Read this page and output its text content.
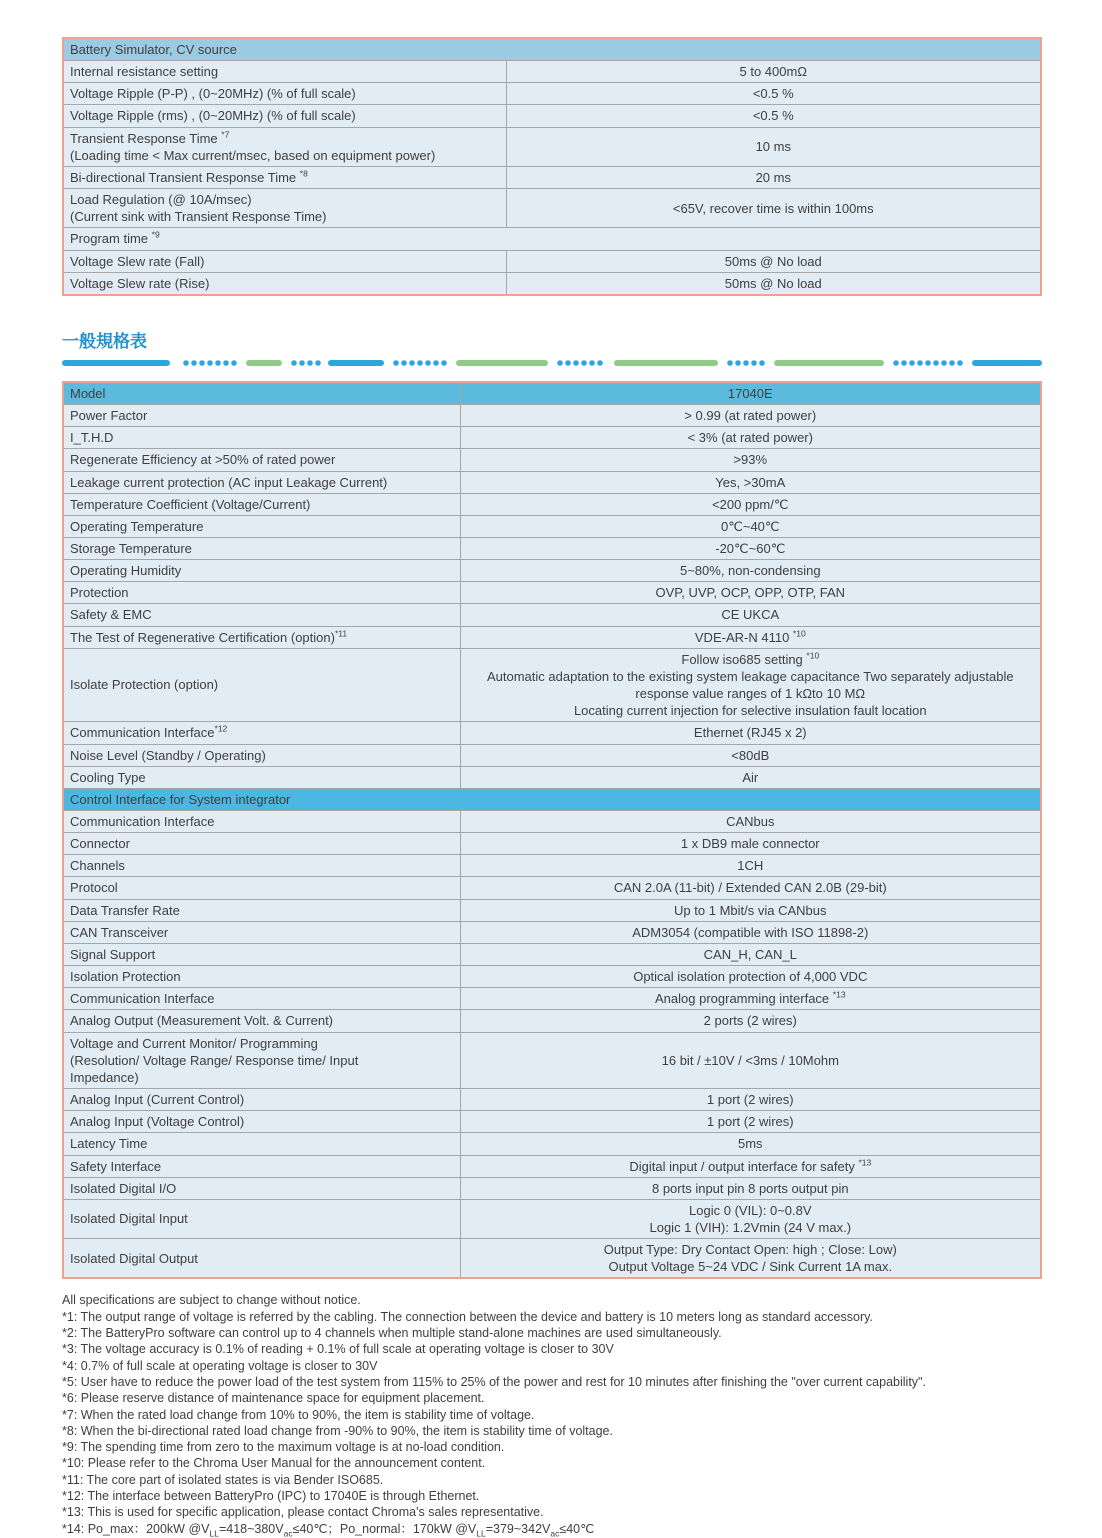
Battery Simulator, CV source	
Internal resistance setting	5 to 400mΩ
Voltage Ripple (P-P) , (0~20MHz) (% of full scale)	<0.5 %
Voltage Ripple (rms) , (0~20MHz) (% of full scale)	<0.5 %
Transient Response Time $^{*7}$
(Loading time < Max current/msec, based on equipment power)	10 ms
Bi-directional Transient Response Time $^{*8}$	20 ms
Load Regulation (@ 10A/msec)
(Current sink with Transient Response Time)	<65V, recover time is within 100ms
Program time $^{*9}$
Voltage Slew rate (Fall)	50ms @ No load
Voltage Slew rate (Rise)	50ms @ No load
一般規格表
Model	17040E
Power Factor	> 0.99 (at rated power)
I_T.H.D	< 3% (at rated power)
Regenerate Efficiency at >50% of rated power	>93%
Leakage current protection (AC input Leakage Current)	Yes, >30mA
Temperature Coefficient (Voltage/Current)	<200 ppm/℃
Operating Temperature	0℃~40℃
Storage Temperature	-20℃~60℃
Operating Humidity	5~80%, non-condensing
Protection	OVP, UVP, OCP, OPP, OTP, FAN
Safety & EMC	CE UKCA
The Test of Regenerative Certification (option)$^{*11}$	VDE-AR-N 4110 $^{*10}$
Isolate Protection (option)	Follow iso685 setting $^{*10}$
Automatic adaptation to the existing system leakage capacitance Two separately adjustable response value ranges of 1 kΩto 10 MΩ
Locating current injection for selective insulation fault location
Communication Interface$^{*12}$	Ethernet (RJ45 x 2)
Noise Level (Standby / Operating)	<80dB
Cooling Type	Air
Control Interface for System integrator	
Communication Interface	CANbus
Connector	1 x DB9 male connector
Channels	1CH
Protocol	CAN 2.0A (11-bit) / Extended CAN 2.0B (29-bit)
Data Transfer Rate	Up to 1 Mbit/s via CANbus
CAN Transceiver	ADM3054 (compatible with ISO 11898-2)
Signal Support	CAN_H, CAN_L
Isolation Protection	Optical isolation protection of 4,000 VDC
Communication Interface	Analog programming interface $^{*13}$
Analog Output (Measurement Volt. & Current)	2 ports (2 wires)
Voltage and Current Monitor/ Programming
(Resolution/ Voltage Range/ Response time/ Input
Impedance)	16 bit / ±10V / <3ms / 10Mohm
Analog Input (Current Control)	1 port (2 wires)
Analog Input (Voltage Control)	1 port (2 wires)
Latency Time	5ms
Safety Interface	Digital input / output interface for safety $^{*13}$
Isolated Digital I/O	8 ports input pin 8 ports output pin
Isolated Digital Input	Logic 0 (VIL): 0~0.8V
Logic 1 (VIH): 1.2Vmin (24 V max.)
Isolated Digital Output	Output Type: Dry Contact Open: high ; Close: Low)
Output Voltage 5~24 VDC / Sink Current 1A max.
All specifications are subject to change without notice.
*1: The output range of voltage is referred by the cabling. The connection between the device and battery is 10 meters long as standard accessory.
*2: The BatteryPro software can control up to 4 channels when multiple stand-alone machines are used simultaneously.
*3: The voltage accuracy is 0.1% of reading + 0.1% of full scale at operating voltage is closer to 30V
*4: 0.7% of full scale at operating voltage is closer to 30V
*5: User have to reduce the power load of the test system from 115% to 25% of the power and rest for 10 minutes after finishing the "over current capability".
*6: Please reserve distance of maintenance space for equipment placement.
*7: When the rated load change from 10% to 90%, the item is stability time of voltage.
*8: When the bi-directional rated load change from -90% to 90%, the item is stability time of voltage.
*9: The spending time from zero to the maximum voltage is at no-load condition.
*10: Please refer to the Chroma User Manual for the announcement content.
*11: The core part of isolated states is via Bender ISO685.
*12: The interface between BatteryPro (IPC) to 17040E is through Ethernet.
*13: This is used for specific application, please contact Chroma's sales representative.
*14: Po_max：200kW $@V_{LL}=418\sim 380V_{ac}\le 40℃$；Po_normal：170kW $@V_{LL}=379\sim 342V_{ac}\le 40℃$
